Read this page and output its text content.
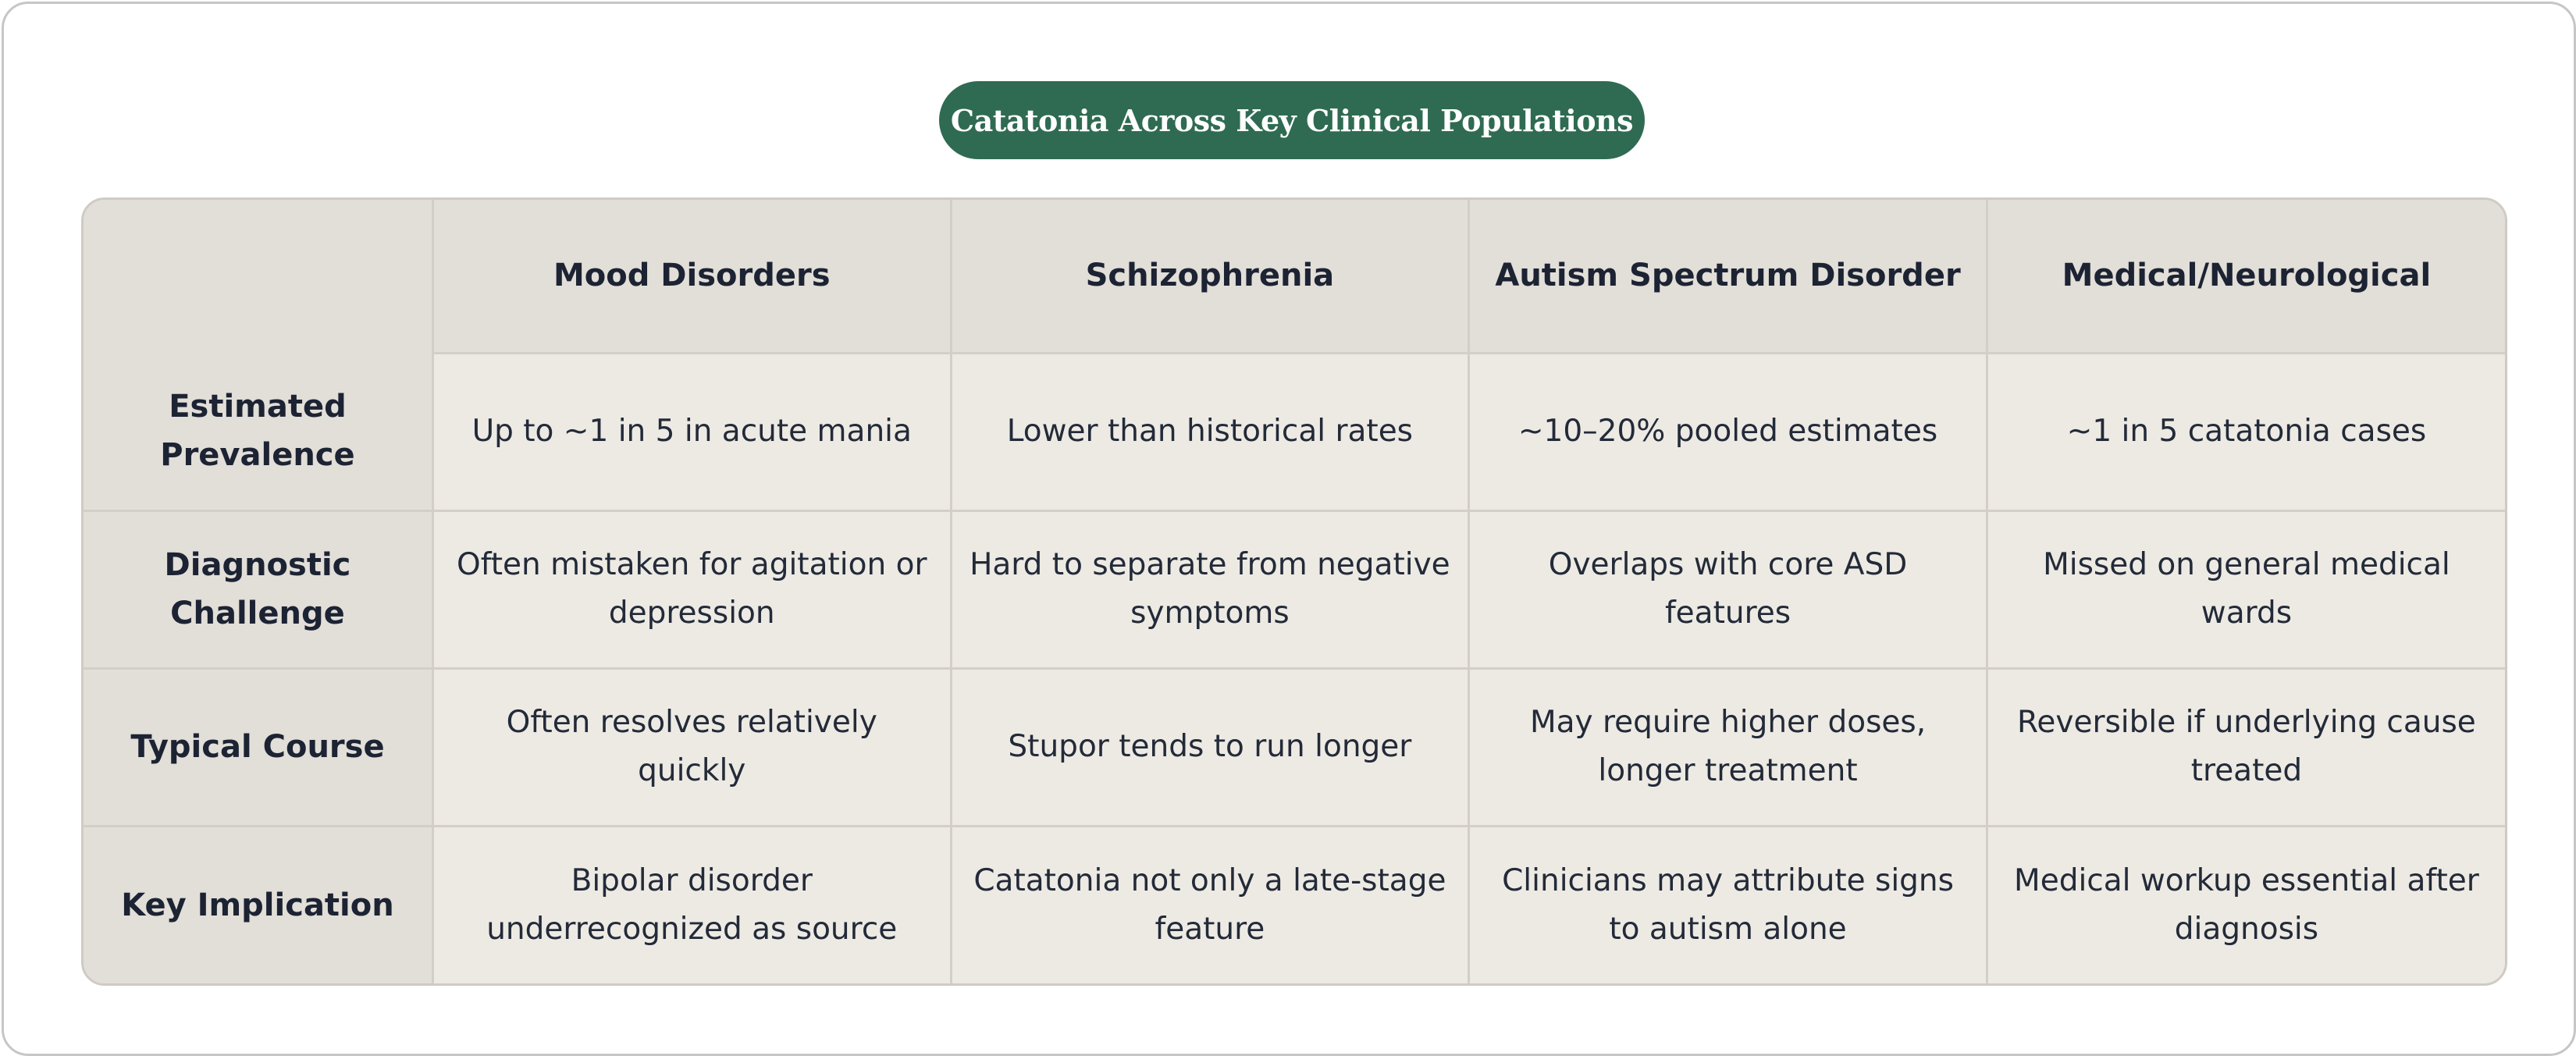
Catatonia Across Key Clinical Populations
	Mood Disorders	Schizophrenia	Autism Spectrum Disorder	Medical/Neurological
Estimated Prevalence	Up to ~1 in 5 in acute mania	Lower than historical rates	~10–20% pooled estimates	~1 in 5 catatonia cases
Diagnostic Challenge	Often mistaken for agitation or depression	Hard to separate from negative symptoms	Overlaps with core ASD features	Missed on general medical wards
Typical Course	Often resolves relatively quickly	Stupor tends to run longer	May require higher doses, longer treatment	Reversible if underlying cause treated
Key Implication	Bipolar disorder underrecognized as source	Catatonia not only a late-stage feature	Clinicians may attribute signs to autism alone	Medical workup essential after diagnosis
